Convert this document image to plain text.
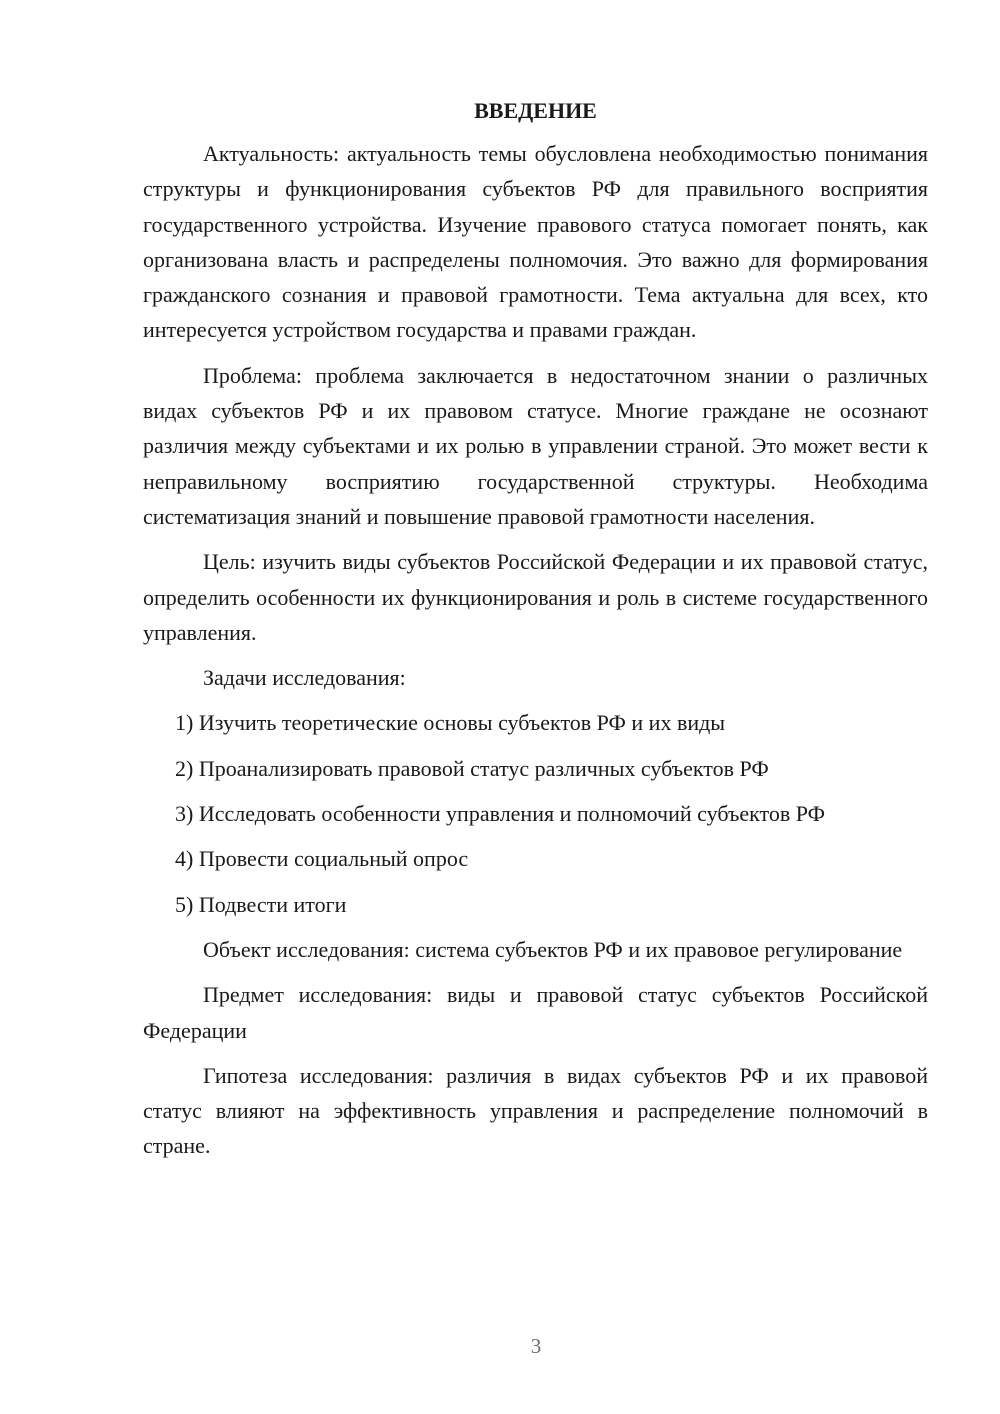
ВВЕДЕНИЕ

Актуальность: актуальность темы обусловлена необходимостью понимания структуры и функционирования субъектов РФ для правильного восприятия государственного устройства. Изучение правового статуса помогает понять, как организована власть и распределены полномочия. Это важно для формирования гражданского сознания и правовой грамотности. Тема актуальна для всех, кто интересуется устройством государства и правами граждан.

Проблема: проблема заключается в недостаточном знании о различных видах субъектов РФ и их правовом статусе. Многие граждане не осознают различия между субъектами и их ролью в управлении страной. Это может вести к неправильному восприятию государственной структуры. Необходима систематизация знаний и повышение правовой грамотности населения.

Цель: изучить виды субъектов Российской Федерации и их правовой статус, определить особенности их функционирования и роль в системе государственного управления.

Задачи исследования:

1) Изучить теоретические основы субъектов РФ и их виды
2) Проанализировать правовой статус различных субъектов РФ
3) Исследовать особенности управления и полномочий субъектов РФ
4) Провести социальный опрос
5) Подвести итоги

Объект исследования: система субъектов РФ и их правовое регулирование

Предмет исследования: виды и правовой статус субъектов Российской Федерации

Гипотеза исследования: различия в видах субъектов РФ и их правовой статус влияют на эффективность управления и распределение полномочий в стране.

3
